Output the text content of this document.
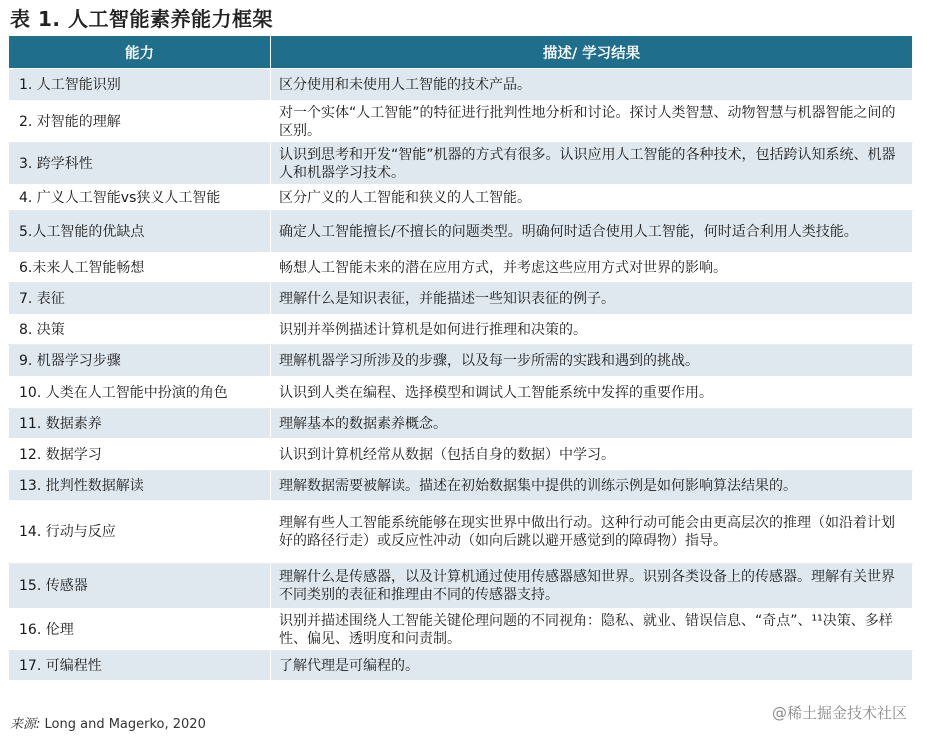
表 1. 人工智能素养能力框架
能力	描述/ 学习结果
1. 人工智能识别	区分使用和未使用人工智能的技术产品。
2. 对智能的理解	对一个实体“人工智能”的特征进行批判性地分析和讨论。探讨人类智慧、动物智慧与机器智能之间的区别。
3. 跨学科性	认识到思考和开发“智能”机器的方式有很多。认识应用人工智能的各种技术，包括跨认知系统、机器人和机器学习技术。
4. 广义人工智能vs狭义人工智能	区分广义的人工智能和狭义的人工智能。
5.人工智能的优缺点	确定人工智能擅长/不擅长的问题类型。明确何时适合使用人工智能，何时适合利用人类技能。
6.未来人工智能畅想	畅想人工智能未来的潜在应用方式，并考虑这些应用方式对世界的影响。
7. 表征	理解什么是知识表征，并能描述一些知识表征的例子。
8. 决策	识别并举例描述计算机是如何进行推理和决策的。
9. 机器学习步骤	理解机器学习所涉及的步骤，以及每一步所需的实践和遇到的挑战。
10. 人类在人工智能中扮演的角色	认识到人类在编程、选择模型和调试人工智能系统中发挥的重要作用。
11. 数据素养	理解基本的数据素养概念。
12. 数据学习	认识到计算机经常从数据（包括自身的数据）中学习。
13. 批判性数据解读	理解数据需要被解读。描述在初始数据集中提供的训练示例是如何影响算法结果的。
14. 行动与反应	理解有些人工智能系统能够在现实世界中做出行动。这种行动可能会由更高层次的推理（如沿着计划好的路径行走）或反应性冲动（如向后跳以避开感觉到的障碍物）指导。
15. 传感器	理解什么是传感器，以及计算机通过使用传感器感知世界。识别各类设备上的传感器。理解有关世界不同类别的表征和推理由不同的传感器支持。
16. 伦理	识别并描述围绕人工智能关键伦理问题的不同视角：隐私、就业、错误信息、“奇点”、¹¹决策、多样性、偏见、透明度和问责制。
17. 可编程性	了解代理是可编程的。
来源: Long and Magerko, 2020
@稀土掘金技术社区
